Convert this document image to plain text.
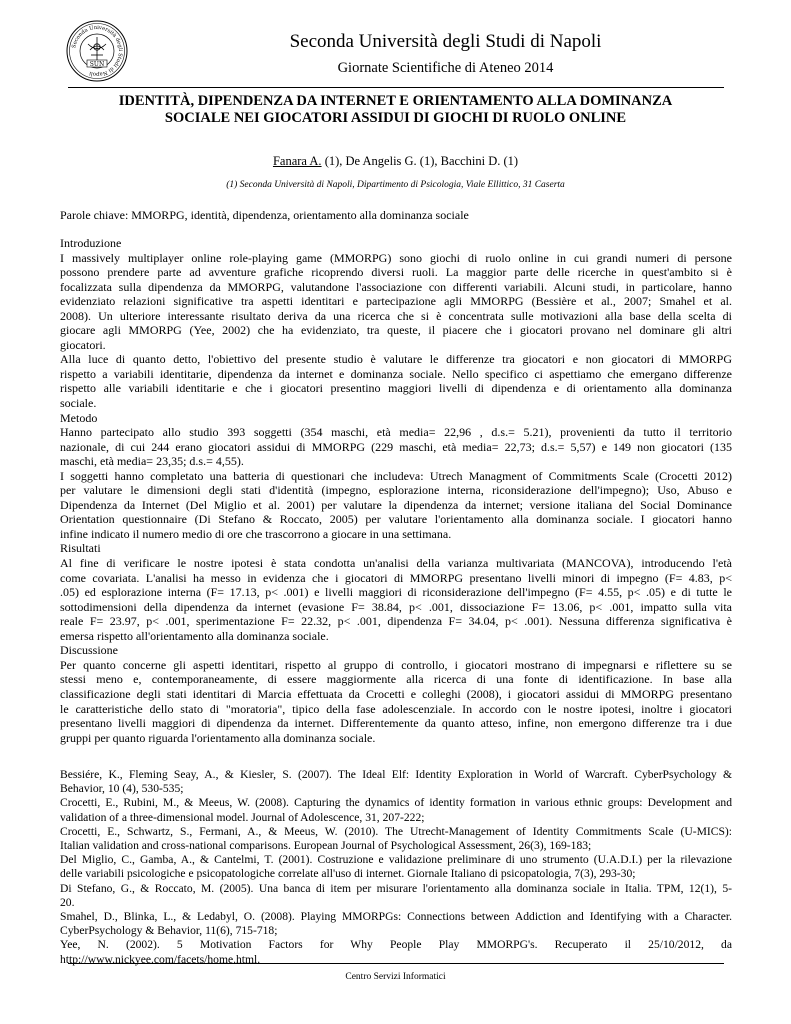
Seconda Università degli Studi di Napoli
SUN
Seconda Università degli Studi di Napoli
Giornate Scientifiche di Ateneo 2014
IDENTITÀ, DIPENDENZA DA INTERNET E ORIENTAMENTO ALLA DOMINANZA
SOCIALE NEI GIOCATORI ASSIDUI DI GIOCHI DI RUOLO ONLINE
Fanara A. (1), De Angelis G. (1), Bacchini D. (1)
(1) Seconda Università di Napoli, Dipartimento di Psicologia, Viale Ellittico, 31 Caserta
Parole chiave: MMORPG, identità, dipendenza, orientamento alla dominanza sociale
Introduzione
I massively multiplayer online role-playing game (MMORPG) sono giochi di ruolo online in cui grandi numeri di persone
possono prendere parte ad avventure grafiche ricoprendo diversi ruoli. La maggior parte delle ricerche in quest'ambito si è
focalizzata sulla dipendenza da MMORPG, valutandone l'associazione con differenti variabili. Alcuni studi, in particolare, hanno
evidenziato relazioni significative tra aspetti identitari e partecipazione agli MMORPG (Bessière et al., 2007; Smahel et al.
2008). Un ulteriore interessante risultato deriva da una ricerca che si è concentrata sulle motivazioni alla base della scelta di
giocare agli MMORPG (Yee, 2002) che ha evidenziato, tra queste, il piacere che i giocatori provano nel dominare gli altri
giocatori.
Alla luce di quanto detto, l'obiettivo del presente studio è valutare le differenze tra giocatori e non giocatori di MMORPG
rispetto a variabili identitarie, dipendenza da internet e dominanza sociale. Nello specifico ci aspettiamo che emergano differenze
rispetto alle variabili identitarie e che i giocatori presentino maggiori livelli di dipendenza e di orientamento alla dominanza
sociale.
Metodo
Hanno partecipato allo studio 393 soggetti (354 maschi, età media= 22,96 , d.s.= 5.21), provenienti da tutto il territorio
nazionale, di cui 244 erano giocatori assidui di MMORPG (229 maschi, età media= 22,73; d.s.= 5,57) e 149 non giocatori (135
maschi, età media= 23,35; d.s.= 4,55).
I soggetti hanno completato una batteria di questionari che includeva: Utrech Managment of Commitments Scale (Crocetti 2012)
per valutare le dimensioni degli stati d'identità (impegno, esplorazione interna, riconsiderazione dell'impegno); Uso, Abuso e
Dipendenza da Internet (Del Miglio et al. 2001) per valutare la dipendenza da internet; versione italiana del Social Dominance
Orientation questionnaire (Di Stefano & Roccato, 2005) per valutare l'orientamento alla dominanza sociale. I giocatori hanno
infine indicato il numero medio di ore che trascorrono a giocare in una settimana.
Risultati
Al fine di verificare le nostre ipotesi è stata condotta un'analisi della varianza multivariata (MANCOVA), introducendo l'età
come covariata. L'analisi ha messo in evidenza che i giocatori di MMORPG presentano livelli minori di impegno (F= 4.83, p<
.05) ed esplorazione interna (F= 17.13, p< .001) e livelli maggiori di riconsiderazione dell'impegno (F= 4.55, p< .05) e di tutte le
sottodimensioni della dipendenza da internet (evasione F= 38.84, p< .001, dissociazione F= 13.06, p< .001, impatto sulla vita
reale F= 23.97, p< .001, sperimentazione F= 22.32, p< .001, dipendenza F= 34.04, p< .001). Nessuna differenza significativa è
emersa rispetto all'orientamento alla dominanza sociale.
Discussione
Per quanto concerne gli aspetti identitari, rispetto al gruppo di controllo, i giocatori mostrano di impegnarsi e riflettere su se
stessi meno e, contemporaneamente, di essere maggiormente alla ricerca di una fonte di identificazione. In base alla
classificazione degli stati identitari di Marcia effettuata da Crocetti e colleghi (2008), i giocatori assidui di MMORPG presentano
le caratteristiche dello stato di "moratoria", tipico della fase adolescenziale. In accordo con le nostre ipotesi, inoltre i giocatori
presentano livelli maggiori di dipendenza da internet. Differentemente da quanto atteso, infine, non emergono differenze tra i due
gruppi per quanto riguarda l'orientamento alla dominanza sociale.
Bessiére, K., Fleming Seay, A., & Kiesler, S. (2007). The Ideal Elf: Identity Exploration in World of Warcraft. CyberPsychology &
Behavior, 10 (4), 530-535;
Crocetti, E., Rubini, M., & Meeus, W. (2008). Capturing the dynamics of identity formation in various ethnic groups: Development and
validation of a three-dimensional model. Journal of Adolescence, 31, 207-222;
Crocetti, E., Schwartz, S., Fermani, A., & Meeus, W. (2010). The Utrecht-Management of Identity Commitments Scale (U-MICS):
Italian validation and cross-national comparisons. European Journal of Psychological Assessment, 26(3), 169-183;
Del Miglio, C., Gamba, A., & Cantelmi, T. (2001). Costruzione e validazione preliminare di uno strumento (U.A.D.I.) per la rilevazione
delle variabili psicologiche e psicopatologiche correlate all'uso di internet. Giornale Italiano di psicopatologia, 7(3), 293-30;
Di Stefano, G., & Roccato, M. (2005). Una banca di item per misurare l'orientamento alla dominanza sociale in Italia. TPM, 12(1), 5-
20.
Smahel, D., Blinka, L., & Ledabyl, O. (2008). Playing MMORPGs: Connections between Addiction and Identifying with a Character.
CyberPsychology & Behavior, 11(6), 715-718;
Yee, N. (2002). 5 Motivation Factors for Why People Play MMORPG's. Recuperato il 25/10/2012, da
http://www.nickyee.com/facets/home.html.
Centro Servizi Informatici
